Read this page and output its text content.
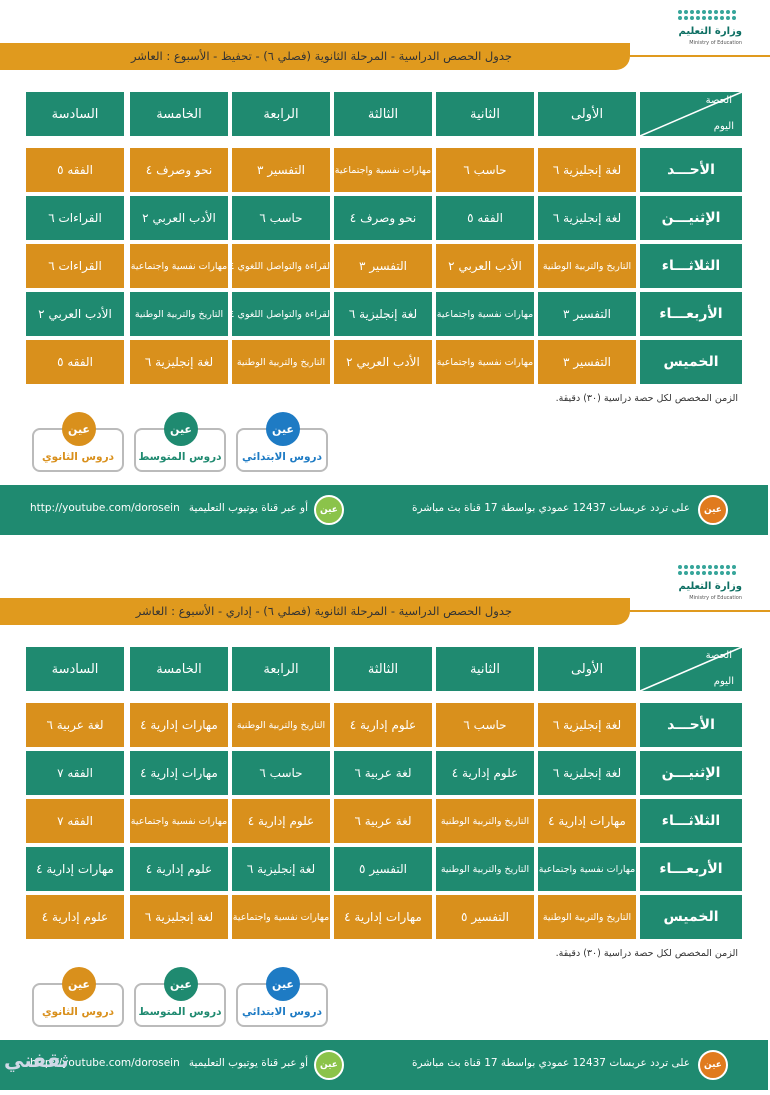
وزارة التعليم
Ministry of Education
جدول الحصص الدراسية - المرحلة الثانوية (فصلي ٦) - تحفيظ - الأسبوع : العاشر
الحصة
اليوم
الأولى
الثانية
الثالثة
الرابعة
الخامسة
السادسة
الأحـــد
لغة إنجليزية ٦
حاسب ٦
مهارات نفسية واجتماعية
التفسير ٣
نحو وصرف ٤
الفقه ٥
الإثنيـــن
لغة إنجليزية ٦
الفقه ٥
نحو وصرف ٤
حاسب ٦
الأدب العربي ٢
القراءات ٦
الثلاثـــاء
التاريخ والتربية الوطنية
الأدب العربي ٢
التفسير ٣
القراءة والتواصل اللغوي ٤
مهارات نفسية واجتماعية
القراءات ٦
الأربعـــاء
التفسير ٣
مهارات نفسية واجتماعية
لغة إنجليزية ٦
القراءة والتواصل اللغوي ٤
التاريخ والتربية الوطنية
الأدب العربي ٢
الخميس
التفسير ٣
مهارات نفسية واجتماعية
الأدب العربي ٢
التاريخ والتربية الوطنية
لغة إنجليزية ٦
الفقه ٥
الزمن المخصص لكل حصة دراسية (٣٠) دقيقة.
عين
دروس الابتدائي
عين
دروس المتوسط
عين
دروس الثانوي
عين
على تردد عربسات 12437 عمودي بواسطة 17 قناة بث مباشرة
عين
أو عبر قناة يوتيوب التعليمية
http://youtube.com/dorosein
وزارة التعليم
Ministry of Education
جدول الحصص الدراسية - المرحلة الثانوية (فصلي ٦) - إداري - الأسبوع : العاشر
الحصة
اليوم
الأولى
الثانية
الثالثة
الرابعة
الخامسة
السادسة
الأحـــد
لغة إنجليزية ٦
حاسب ٦
علوم إدارية ٤
التاريخ والتربية الوطنية
مهارات إدارية ٤
لغة عربية ٦
الإثنيـــن
لغة إنجليزية ٦
علوم إدارية ٤
لغة عربية ٦
حاسب ٦
مهارات إدارية ٤
الفقه ٧
الثلاثـــاء
مهارات إدارية ٤
التاريخ والتربية الوطنية
لغة عربية ٦
علوم إدارية ٤
مهارات نفسية واجتماعية
الفقه ٧
الأربعـــاء
مهارات نفسية واجتماعية
التاريخ والتربية الوطنية
التفسير ٥
لغة إنجليزية ٦
علوم إدارية ٤
مهارات إدارية ٤
الخميس
التاريخ والتربية الوطنية
التفسير ٥
مهارات إدارية ٤
مهارات نفسية واجتماعية
لغة إنجليزية ٦
علوم إدارية ٤
الزمن المخصص لكل حصة دراسية (٣٠) دقيقة.
عين
دروس الابتدائي
عين
دروس المتوسط
عين
دروس الثانوي
عين
على تردد عربسات 12437 عمودي بواسطة 17 قناة بث مباشرة
عين
أو عبر قناة يوتيوب التعليمية
http://youtube.com/dorosein
ثقفني
